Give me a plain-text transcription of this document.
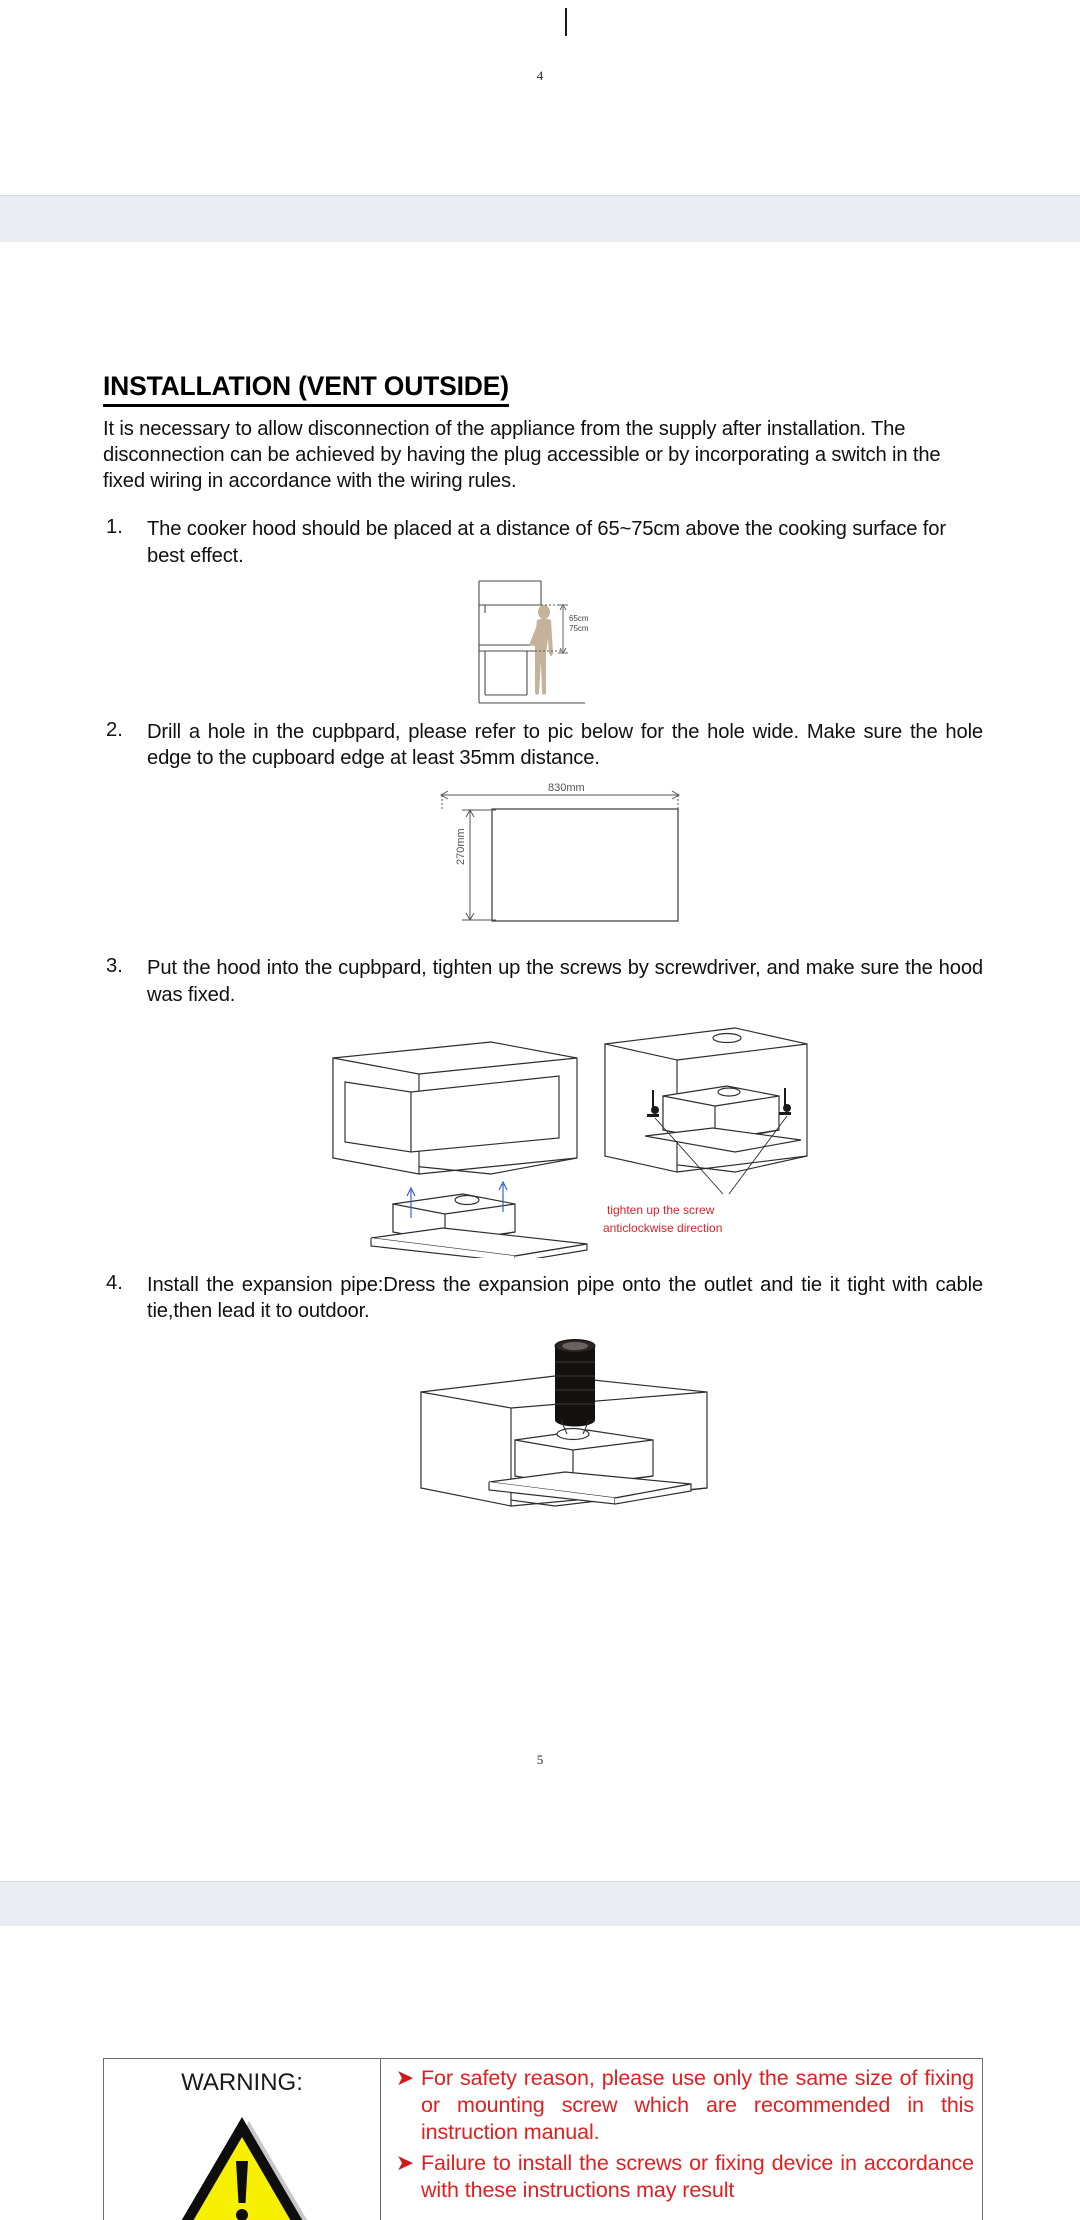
4
INSTALLATION (VENT OUTSIDE)

It is necessary to allow disconnection of the appliance from the supply after installation. The disconnection can be achieved by having the plug accessible or by incorporating a switch in the fixed wiring in accordance with the wiring rules.

1.	The cooker hood should be placed at a distance of 65~75cm above the cooking surface for best effect.
65cm
75cm
2.	Drill a hole in the cupbpard, please refer to pic below for the hole wide. Make sure the hole edge to the cupboard edge at least 35mm distance.
830mm
270mm
3.	Put the hood into the cupbpard, tighten up the screws by screwdriver, and make sure the hood was fixed.
tighten up the screw
anticlockwise direction
4.	Install the expansion pipe:Dress the expansion pipe onto the outlet and tie it tight with cable tie,then lead it to outdoor.
5
WARNING:	➤ For safety reason, please use only the same size of fixing or mounting screw which are recommended in this instruction manual.
➤ Failure to install the screws or fixing device in accordance with these instructions may result
